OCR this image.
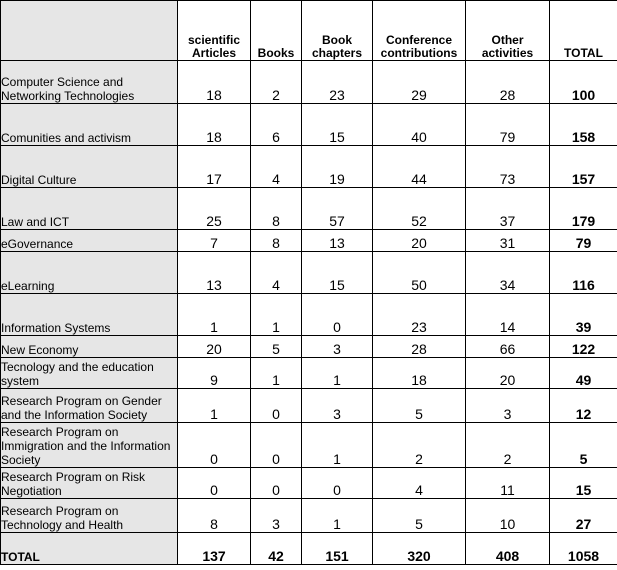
	scientific Articles	Books	Book chapters	Conference contributions	Other activities	TOTAL
Computer Science and Networking Technologies	18	2	23	29	28	100
Comunities and activism	18	6	15	40	79	158
Digital Culture	17	4	19	44	73	157
Law and ICT	25	8	57	52	37	179
eGovernance	7	8	13	20	31	79
eLearning	13	4	15	50	34	116
Information Systems	1	1	0	23	14	39
New Economy	20	5	3	28	66	122
Tecnology and the education system	9	1	1	18	20	49
Research Program on Gender and the Information Society	1	0	3	5	3	12
Research Program on Immigration and the Information Society	0	0	1	2	2	5
Research Program on Risk Negotiation	0	0	0	4	11	15
Research Program on Technology and Health	8	3	1	5	10	27
TOTAL	137	42	151	320	408	1058
